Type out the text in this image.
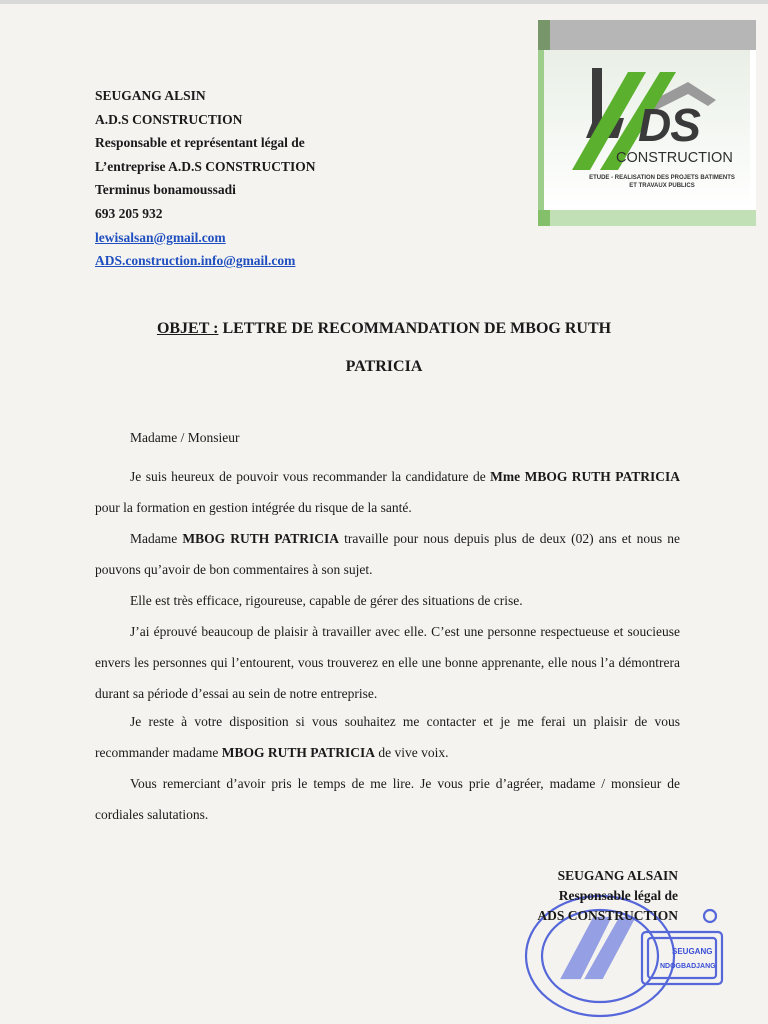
SEUGANG ALSIN
A.D.S CONSTRUCTION
Responsable et représentant légal de
L’entreprise A.D.S CONSTRUCTION
Terminus bonamoussadi
693 205 932
lewisalsan@gmail.com
ADS.construction.info@gmail.com
DS
CONSTRUCTION
ETUDE - REALISATION DES PROJETS BATIMENTS
ET TRAVAUX PUBLICS
OBJET : LETTRE DE RECOMMANDATION DE MBOG RUTH
PATRICIA
Madame / Monsieur

Je suis heureux de pouvoir vous recommander la candidature de Mme MBOG RUTH PATRICIA pour la formation en gestion intégrée du risque de la santé.

Madame MBOG RUTH PATRICIA travaille pour nous depuis plus de deux (02) ans et nous ne pouvons qu’avoir de bon commentaires à son sujet.

Elle est très efficace, rigoureuse, capable de gérer des situations de crise.

J’ai éprouvé beaucoup de plaisir à travailler avec elle. C’est une personne respectueuse et soucieuse envers les personnes qui l’entourent, vous trouverez en elle une bonne apprenante, elle nous l’a démontrera durant sa période d’essai au sein de notre entreprise.

Je reste à votre disposition si vous souhaitez me contacter et je me ferai un plaisir de vous recommander madame MBOG RUTH PATRICIA de vive voix.

Vous remerciant d’avoir pris le temps de me lire. Je vous prie d’agréer, madame / monsieur de cordiales salutations.

SEUGANG
NDOGBADJANG
SEUGANG ALSAIN
Responsable légal de
ADS CONSTRUCTION
